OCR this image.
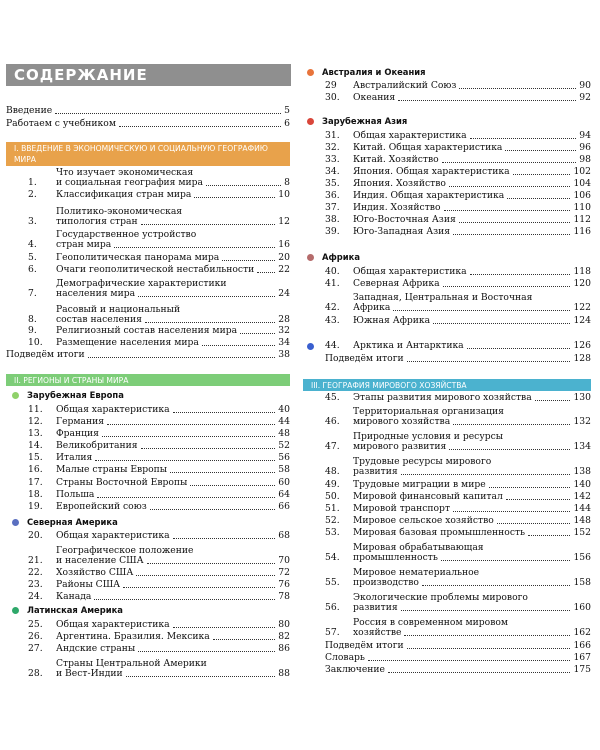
СОДЕРЖАНИЕ
Введение	5
Работаем с учебником	6
I. ВВЕДЕНИЕ В ЭКОНОМИЧЕСКУЮ И СОЦИАЛЬНУЮ ГЕОГРАФИЮ МИРА
Что изучает экономическая
1.	и социальная география мира	8
2.	Классификация стран мира	10
Политико-экономическая
3.	типология стран	12
Государственное устройство
4.	стран мира	16
5.	Геополитическая панорама мира	20
6.	Очаги геополитической нестабильности	22
Демографические характеристики
7.	населения мира	24
Расовый и национальный
8.	состав населения	28
9.	Религиозный состав населения мира	32
10.	Размещение населения мира	34
Подведём итоги	38
II. РЕГИОНЫ И СТРАНЫ МИРА
Зарубежная Европа
11.	Общая характеристика	40
12.	Германия	44
13.	Франция	48
14.	Великобритания	52
15.	Италия	56
16.	Малые страны Европы	58
17.	Страны Восточной Европы	60
18.	Польша	64
19.	Европейский союз	66
Северная Америка
20.	Общая характеристика	68
Географическое положение
21.	и население США	70
22.	Хозяйство США	72
23.	Районы США	76
24.	Канада	78
Латинская Америка
25.	Общая характеристика	80
26.	Аргентина. Бразилия. Мексика	82
27.	Андские страны	86
Страны Центральной Америки
28.	и Вест-Индии	88
Австралия и Океания
29	Австралийский Союз	90
30.	Океания	92
Зарубежная Азия
31.	Общая характеристика	94
32.	Китай. Общая характеристика	96
33.	Китай. Хозяйство	98
34.	Япония. Общая характеристика	102
35.	Япония. Хозяйство	104
36.	Индия. Общая характеристика	106
37.	Индия. Хозяйство	110
38.	Юго-Восточная Азия	112
39.	Юго-Западная Азия	116
Африка
40.	Общая характеристика	118
41.	Северная Африка	120
Западная, Центральная и Восточная
42.	Африка	122
43.	Южная Африка	124
44.	Арктика и Антарктика	126
Подведём итоги	128
III. ГЕОГРАФИЯ МИРОВОГО ХОЗЯЙСТВА
45.	Этапы развития мирового хозяйства	130
Территориальная организация
46.	мирового хозяйства	132
Природные условия и ресурсы
47.	мирового развития	134
Трудовые ресурсы мирового
48.	развития	138
49.	Трудовые миграции в мире	140
50.	Мировой финансовый капитал	142
51.	Мировой транспорт	144
52.	Мировое сельское хозяйство	148
53.	Мировая базовая промышленность	152
Мировая обрабатывающая
54.	промышленность	156
Мировое нематериальное
55.	производство	158
Экологические проблемы мирового
56.	развития	160
Россия в современном мировом
57.	хозяйстве	162
Подведём итоги	166
Словарь	167
Заключение	175
